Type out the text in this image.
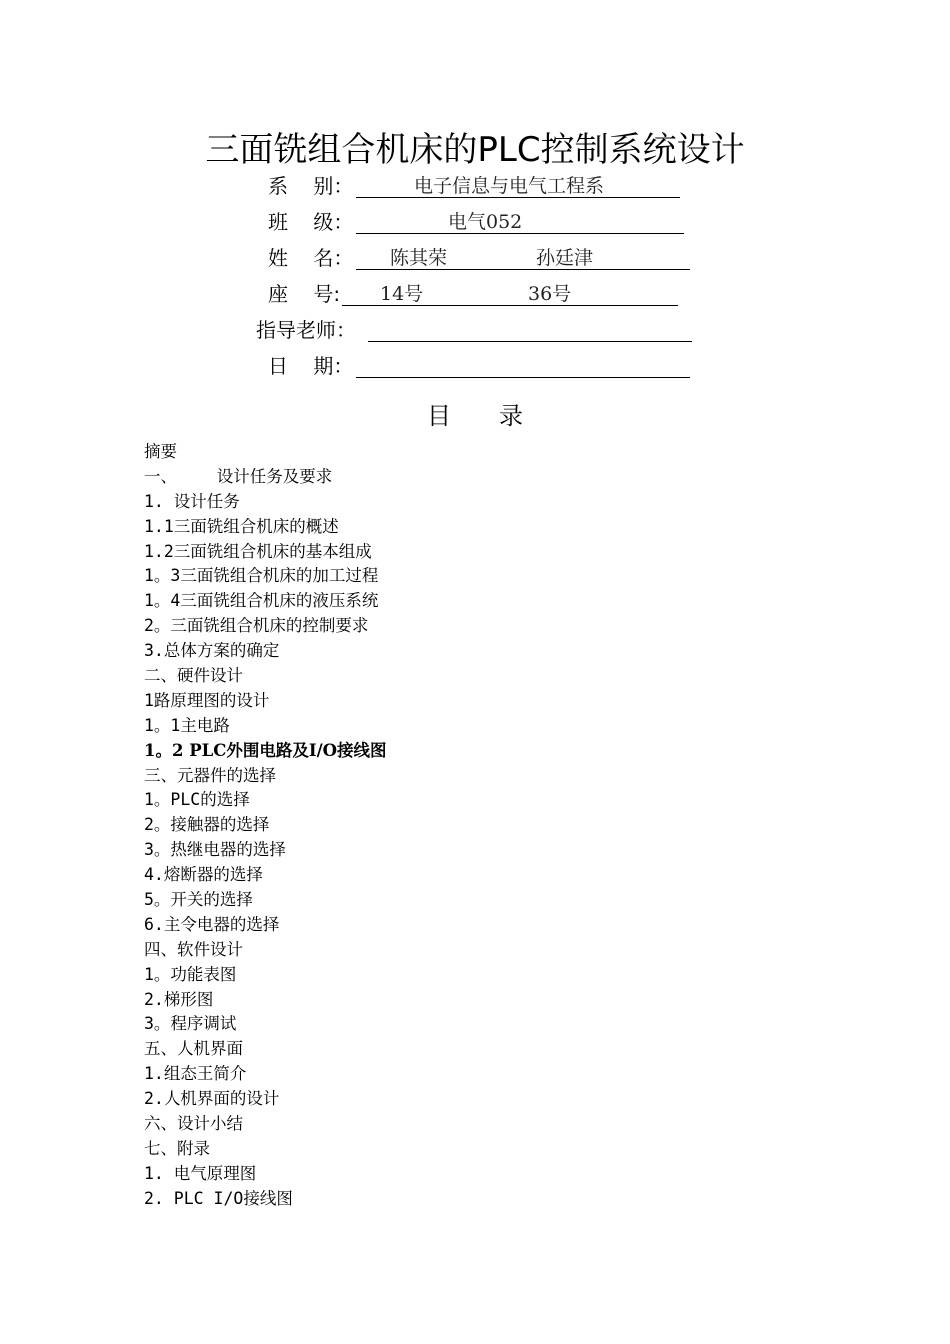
三面铣组合机床的PLC控制系统设计
系    别：	电子信息与电气工程系
班    级：	电气052
姓    名： 陈其荣	孙廷津
座    号: 14号	36号
指导老师：
日    期：
目 录
摘要
一、    设计任务及要求
1. 设计任务
1.1三面铣组合机床的概述
1.2三面铣组合机床的基本组成
1。3三面铣组合机床的加工过程
1。4三面铣组合机床的液压系统
2。三面铣组合机床的控制要求
3.总体方案的确定
二、硬件设计
1路原理图的设计
1。1主电路
1。2 PLC外围电路及I/O接线图
三、元器件的选择
1。PLC的选择
2。接触器的选择
3。热继电器的选择
4.熔断器的选择
5。开关的选择
6.主令电器的选择
四、软件设计
1。功能表图
2.梯形图
3。程序调试
五、人机界面
1.组态王简介
2.人机界面的设计
六、设计小结
七、附录
1. 电气原理图
2. PLC I/O接线图
